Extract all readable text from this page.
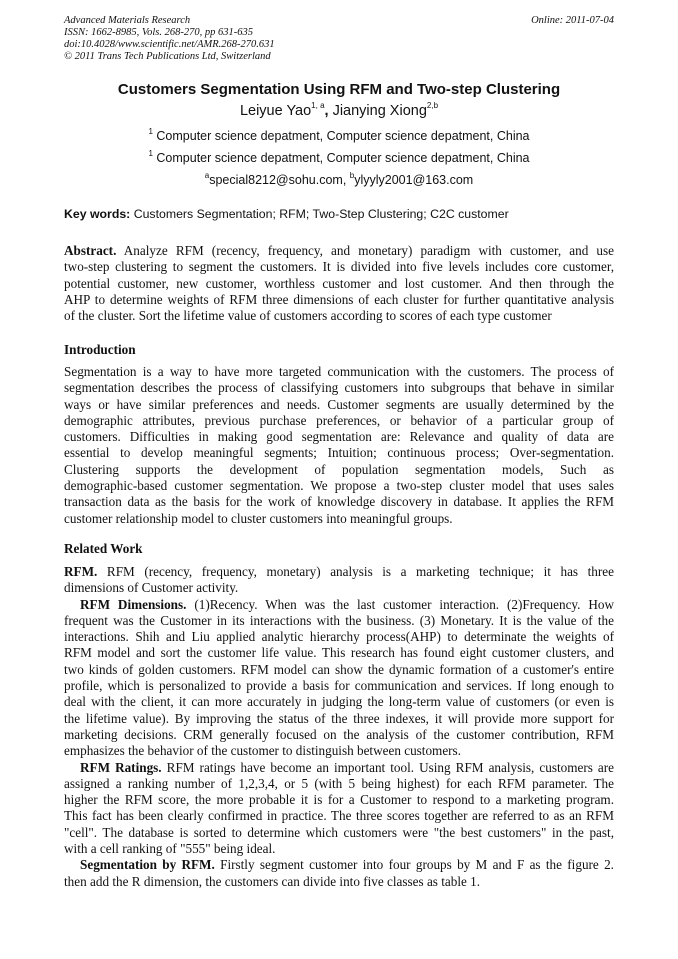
Advanced Materials Research
ISSN: 1662-8985, Vols. 268-270, pp 631-635
doi:10.4028/www.scientific.net/AMR.268-270.631
© 2011 Trans Tech Publications Ltd, Switzerland
Online: 2011-07-04
Customers Segmentation Using RFM and Two-step Clustering
Leiyue Yao$^{1, a}$, Jianying Xiong$^{2,b}$
$^1$ Computer science depatment, Computer science depatment, China
$^1$ Computer science depatment, Computer science depatment, China
$^a$special8212@sohu.com, $^b$ylyyly2001@163.com
Key words: Customers Segmentation; RFM; Two-Step Clustering; C2C customer
Abstract. Analyze RFM (recency, frequency, and monetary) paradigm with customer, and use
two-step clustering to segment the customers. It is divided into five levels includes core customer,
potential customer, new customer, worthless customer and lost customer. And then through the
AHP to determine weights of RFM three dimensions of each cluster for further quantitative analysis
of the cluster. Sort the lifetime value of customers according to scores of each type customer
Introduction
Segmentation is a way to have more targeted communication with the customers. The process of
segmentation describes the process of classifying customers into subgroups that behave in similar
ways or have similar preferences and needs. Customer segments are usually determined by the
demographic attributes, previous purchase preferences, or behavior of a particular group of
customers. Difficulties in making good segmentation are: Relevance and quality of data are
essential to develop meaningful segments; Intuition; continuous process; Over-segmentation.
Clustering supports the development of population segmentation models, Such as
demographic-based customer segmentation. We propose a two-step cluster model that uses sales
transaction data as the basis for the work of knowledge discovery in database. It applies the RFM
customer relationship model to cluster customers into meaningful groups.
Related Work
RFM. RFM (recency, frequency, monetary) analysis is a marketing technique; it has three
dimensions of Customer activity.
RFM Dimensions. (1)Recency. When was the last customer interaction. (2)Frequency. How
frequent was the Customer in its interactions with the business. (3) Monetary. It is the value of the
interactions. Shih and Liu applied analytic hierarchy process(AHP) to determinate the weights of
RFM model and sort the customer life value. This research has found eight customer clusters, and
two kinds of golden customers. RFM model can show the dynamic formation of a customer's entire
profile, which is personalized to provide a basis for communication and services. If long enough to
deal with the client, it can more accurately in judging the long-term value of customers (or even is
the lifetime value). By improving the status of the three indexes, it will provide more support for
marketing decisions. CRM generally focused on the analysis of the customer contribution, RFM
emphasizes the behavior of the customer to distinguish between customers.
RFM Ratings. RFM ratings have become an important tool. Using RFM analysis, customers are
assigned a ranking number of 1,2,3,4, or 5 (with 5 being highest) for each RFM parameter. The
higher the RFM score, the more probable it is for a Customer to respond to a marketing program.
This fact has been clearly confirmed in practice. The three scores together are referred to as an RFM
"cell". The database is sorted to determine which customers were "the best customers" in the past,
with a cell ranking of "555" being ideal.
Segmentation by RFM. Firstly segment customer into four groups by M and F as the figure 2.
then add the R dimension, the customers can divide into five classes as table 1.
